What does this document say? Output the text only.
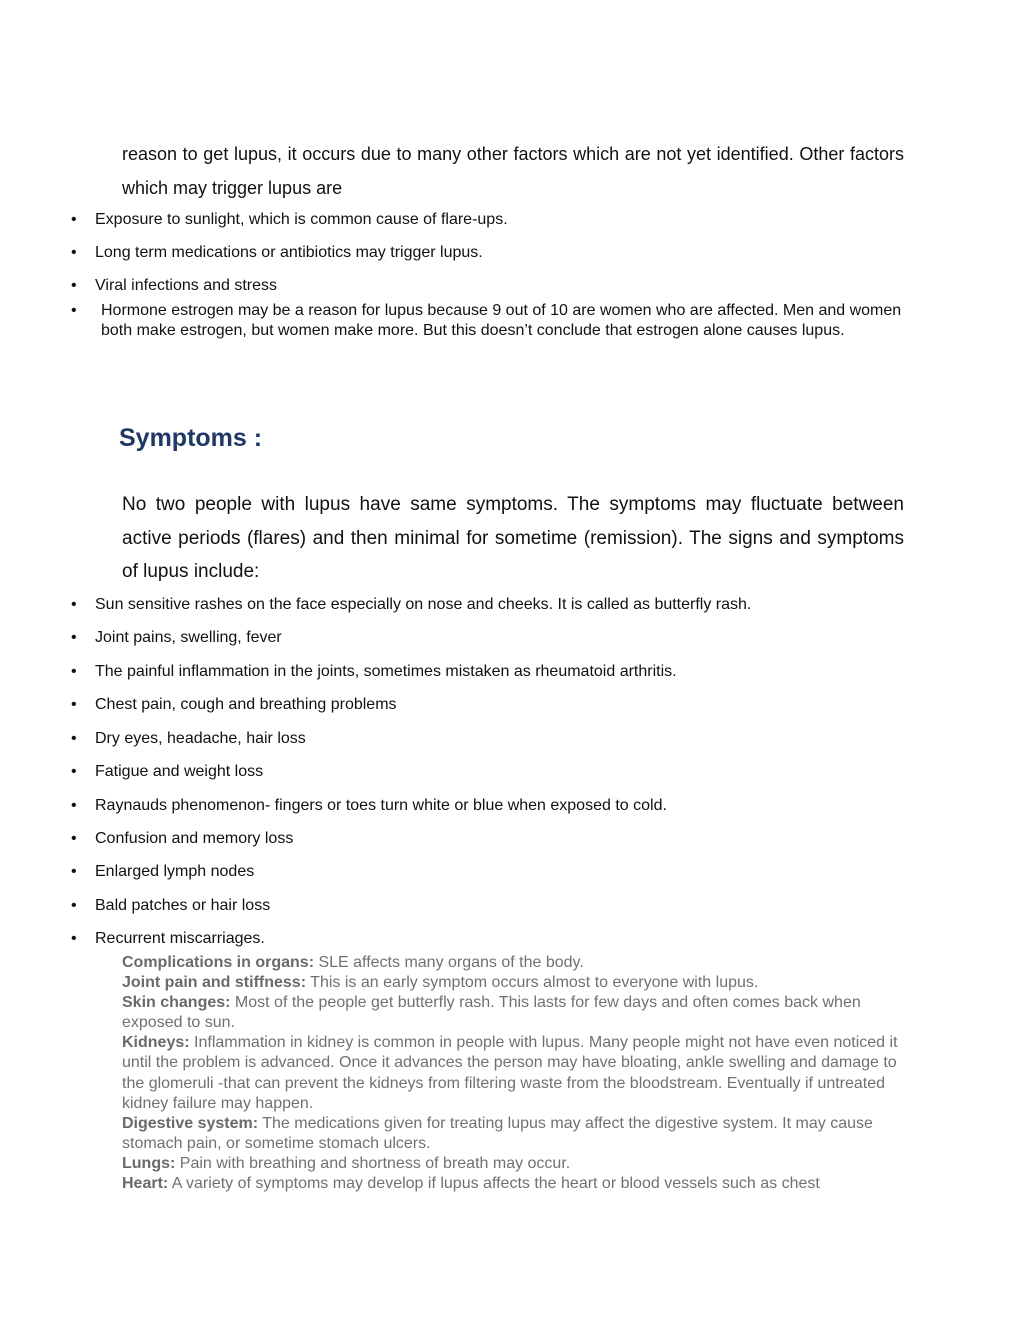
reason to get lupus, it occurs due to many other factors which are not yet identified. Other factors which may trigger lupus are

• Exposure to sunlight, which is common cause of flare-ups.
• Long term medications or antibiotics may trigger lupus.
• Viral infections and stress
• Hormone estrogen may be a reason for lupus because 9 out of 10 are women who are affected. Men and women both make estrogen, but women make more. But this doesn’t conclude that estrogen alone causes lupus.
Symptoms :

No two people with lupus have same symptoms. The symptoms may fluctuate between active periods (flares) and then minimal for sometime (remission). The signs and symptoms of lupus include:

• Sun sensitive rashes on the face especially on nose and cheeks. It is called as butterfly rash.
• Joint pains, swelling, fever
• The painful inflammation in the joints, sometimes mistaken as rheumatoid arthritis.
• Chest pain, cough and breathing problems
• Dry eyes, headache, hair loss
• Fatigue and weight loss
• Raynauds phenomenon- fingers or toes turn white or blue when exposed to cold.
• Confusion and memory loss
• Enlarged lymph nodes
• Bald patches or hair loss
• Recurrent miscarriages.

Complications in organs: SLE affects many organs of the body.
Joint pain and stiffness: This is an early symptom occurs almost to everyone with lupus.
Skin changes: Most of the people get butterfly rash. This lasts for few days and often comes back when exposed to sun.
Kidneys: Inflammation in kidney is common in people with lupus. Many people might not have even noticed it until the problem is advanced. Once it advances the person may have bloating, ankle swelling and damage to the glomeruli -that can prevent the kidneys from filtering waste from the bloodstream. Eventually if untreated kidney failure may happen.
Digestive system: The medications given for treating lupus may affect the digestive system. It may cause stomach pain, or sometime stomach ulcers.
Lungs: Pain with breathing and shortness of breath may occur.
Heart: A variety of symptoms may develop if lupus affects the heart or blood vessels such as chest
